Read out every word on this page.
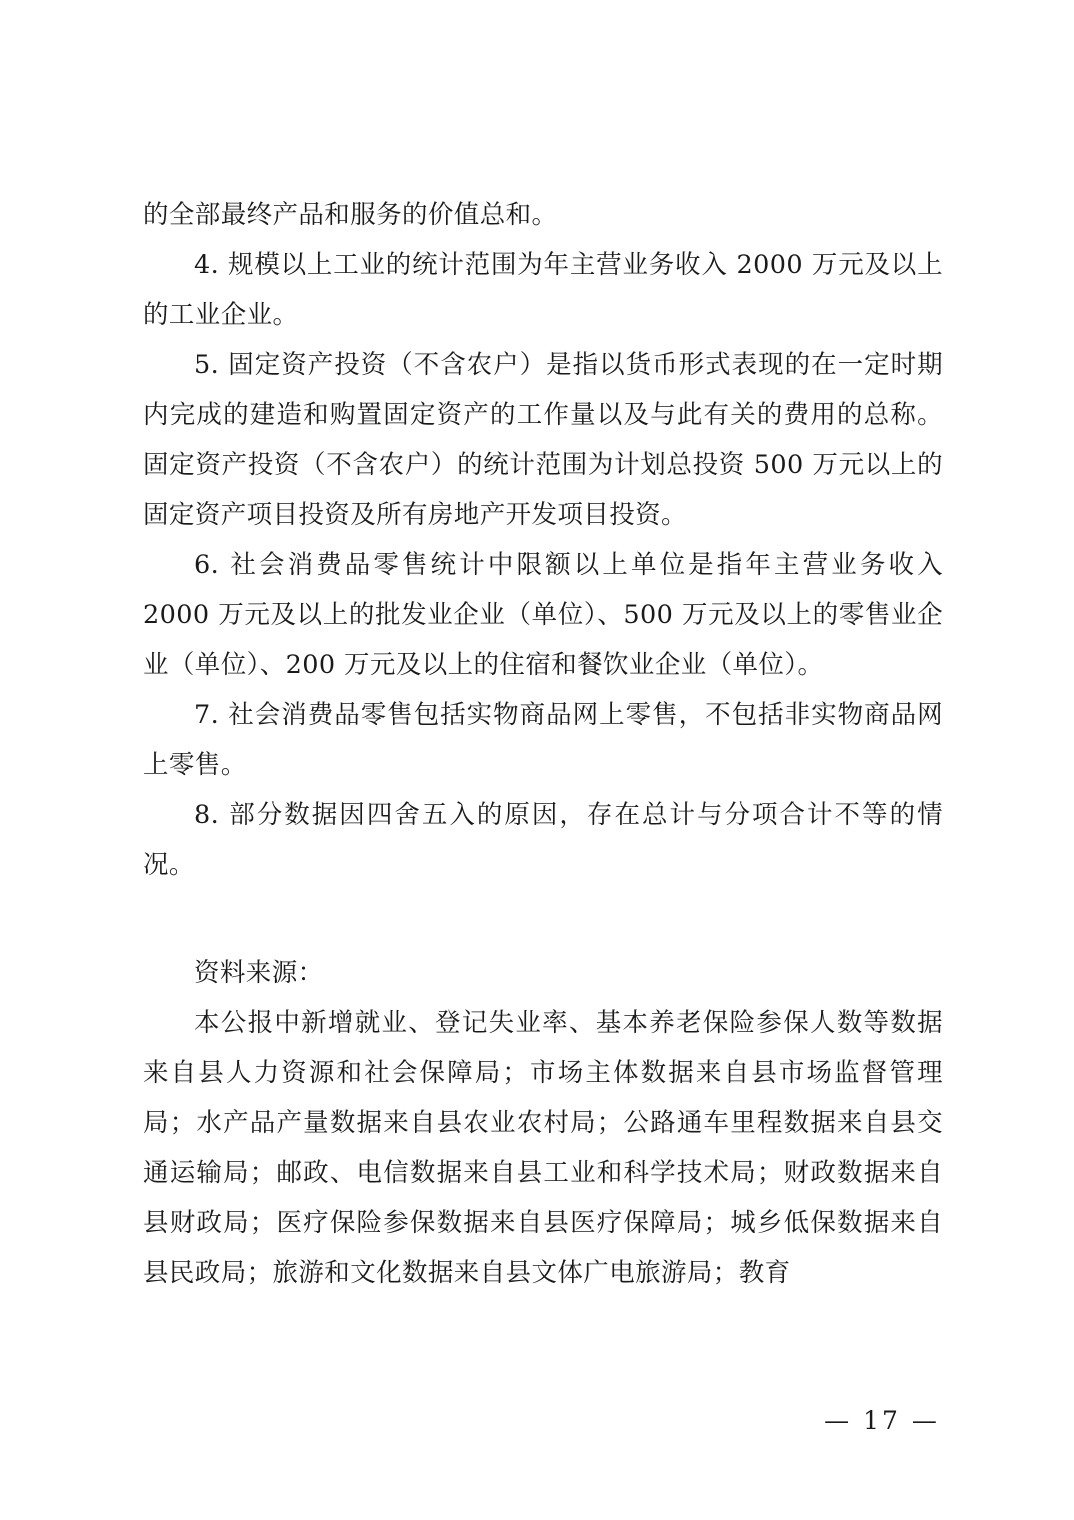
的全部最终产品和服务的价值总和。

4. 规模以上工业的统计范围为年主营业务收入 2000 万元及以上的工业企业。

5. 固定资产投资（不含农户）是指以货币形式表现的在一定时期内完成的建造和购置固定资产的工作量以及与此有关的费用的总称。固定资产投资（不含农户）的统计范围为计划总投资 500 万元以上的固定资产项目投资及所有房地产开发项目投资。

6. 社会消费品零售统计中限额以上单位是指年主营业务收入 2000 万元及以上的批发业企业（单位）、500 万元及以上的零售业企业（单位）、200 万元及以上的住宿和餐饮业企业（单位）。

7. 社会消费品零售包括实物商品网上零售，不包括非实物商品网上零售。

8. 部分数据因四舍五入的原因，存在总计与分项合计不等的情况。

资料来源：

本公报中新增就业、登记失业率、基本养老保险参保人数等数据来自县人力资源和社会保障局；市场主体数据来自县市场监督管理局；水产品产量数据来自县农业农村局；公路通车里程数据来自县交通运输局；邮政、电信数据来自县工业和科学技术局；财政数据来自县财政局；医疗保险参保数据来自县医疗保障局；城乡低保数据来自县民政局；旅游和文化数据来自县文体广电旅游局；教育

— 17 —
